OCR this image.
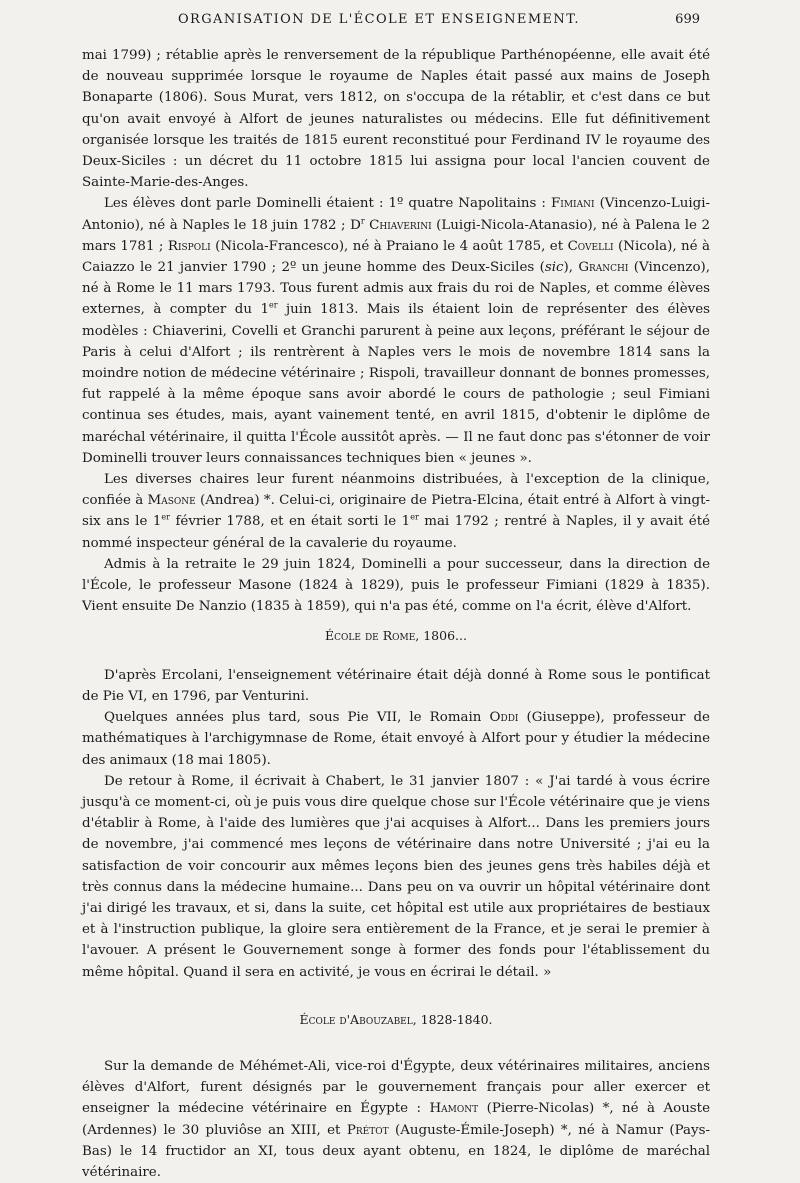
ORGANISATION DE L'ÉCOLE ET ENSEIGNEMENT.	699

mai 1799) ; rétablie après le renversement de la république Parthénopéenne, elle avait été de nouveau supprimée lorsque le royaume de Naples était passé aux mains de Joseph Bonaparte (1806). Sous Murat, vers 1812, on s'occupa de la rétablir, et c'est dans ce but qu'on avait envoyé à Alfort de jeunes naturalistes ou médecins. Elle fut définitivement organisée lorsque les traités de 1815 eurent reconstitué pour Ferdinand IV le royaume des Deux-Siciles : un décret du 11 octobre 1815 lui assigna pour local l'ancien couvent de Sainte-Marie-des-Anges.

Les élèves dont parle Dominelli étaient : 1º quatre Napolitains : Fimiani (Vincenzo-Luigi-Antonio), né à Naples le 18 juin 1782 ; $D^r$ Chiaverini (Luigi-Nicola-Atanasio), né à Palena le 2 mars 1781 ; Rispoli (Nicola-Francesco), né à Praiano le 4 août 1785, et Covelli (Nicola), né à Caiazzo le 21 janvier 1790 ; 2º un jeune homme des Deux-Siciles (sic), Granchi (Vincenzo), né à Rome le 11 mars 1793. Tous furent admis aux frais du roi de Naples, et comme élèves externes, à compter du 1er juin 1813. Mais ils étaient loin de représenter des élèves modèles : Chiaverini, Covelli et Granchi parurent à peine aux leçons, préférant le séjour de Paris à celui d'Alfort ; ils rentrèrent à Naples vers le mois de novembre 1814 sans la moindre notion de médecine vétérinaire ; Rispoli, travailleur donnant de bonnes promesses, fut rappelé à la même époque sans avoir abordé le cours de pathologie ; seul Fimiani continua ses études, mais, ayant vainement tenté, en avril 1815, d'obtenir le diplôme de maréchal vétérinaire, il quitta l'École aussitôt après. — Il ne faut donc pas s'étonner de voir Dominelli trouver leurs connaissances techniques bien « jeunes ».

Les diverses chaires leur furent néanmoins distribuées, à l'exception de la clinique, confiée à Masone (Andrea) *. Celui-ci, originaire de Pietra-Elcina, était entré à Alfort à vingt-six ans le 1er février 1788, et en était sorti le 1er mai 1792 ; rentré à Naples, il y avait été nommé inspecteur général de la cavalerie du royaume.

Admis à la retraite le 29 juin 1824, Dominelli a pour successeur, dans la direction de l'École, le professeur Masone (1824 à 1829), puis le professeur Fimiani (1829 à 1835). Vient ensuite De Nanzio (1835 à 1859), qui n'a pas été, comme on l'a écrit, élève d'Alfort.

École de Rome, 1806...

D'après Ercolani, l'enseignement vétérinaire était déjà donné à Rome sous le pontificat de Pie VI, en 1796, par Venturini.

Quelques années plus tard, sous Pie VII, le Romain Oddi (Giuseppe), professeur de mathématiques à l'archigymnase de Rome, était envoyé à Alfort pour y étudier la médecine des animaux (18 mai 1805).

De retour à Rome, il écrivait à Chabert, le 31 janvier 1807 : « J'ai tardé à vous écrire jusqu'à ce moment-ci, où je puis vous dire quelque chose sur l'École vétérinaire que je viens d'établir à Rome, à l'aide des lumières que j'ai acquises à Alfort... Dans les premiers jours de novembre, j'ai commencé mes leçons de vétérinaire dans notre Université ; j'ai eu la satisfaction de voir concourir aux mêmes leçons bien des jeunes gens très habiles déjà et très connus dans la médecine humaine... Dans peu on va ouvrir un hôpital vétérinaire dont j'ai dirigé les travaux, et si, dans la suite, cet hôpital est utile aux propriétaires de bestiaux et à l'instruction publique, la gloire sera entièrement de la France, et je serai le premier à l'avouer. A présent le Gouvernement songe à former des fonds pour l'établissement du même hôpital. Quand il sera en activité, je vous en écrirai le détail. »

École d'Abouzabel, 1828-1840.

Sur la demande de Méhémet-Ali, vice-roi d'Égypte, deux vétérinaires militaires, anciens élèves d'Alfort, furent désignés par le gouvernement français pour aller exercer et enseigner la médecine vétérinaire en Égypte : Hamont (Pierre-Nicolas) *, né à Aouste (Ardennes) le 30 pluviôse an XIII, et Prétot (Auguste-Émile-Joseph) *, né à Namur (Pays-Bas) le 14 fructidor an XI, tous deux ayant obtenu, en 1824, le diplôme de maréchal vétérinaire.
